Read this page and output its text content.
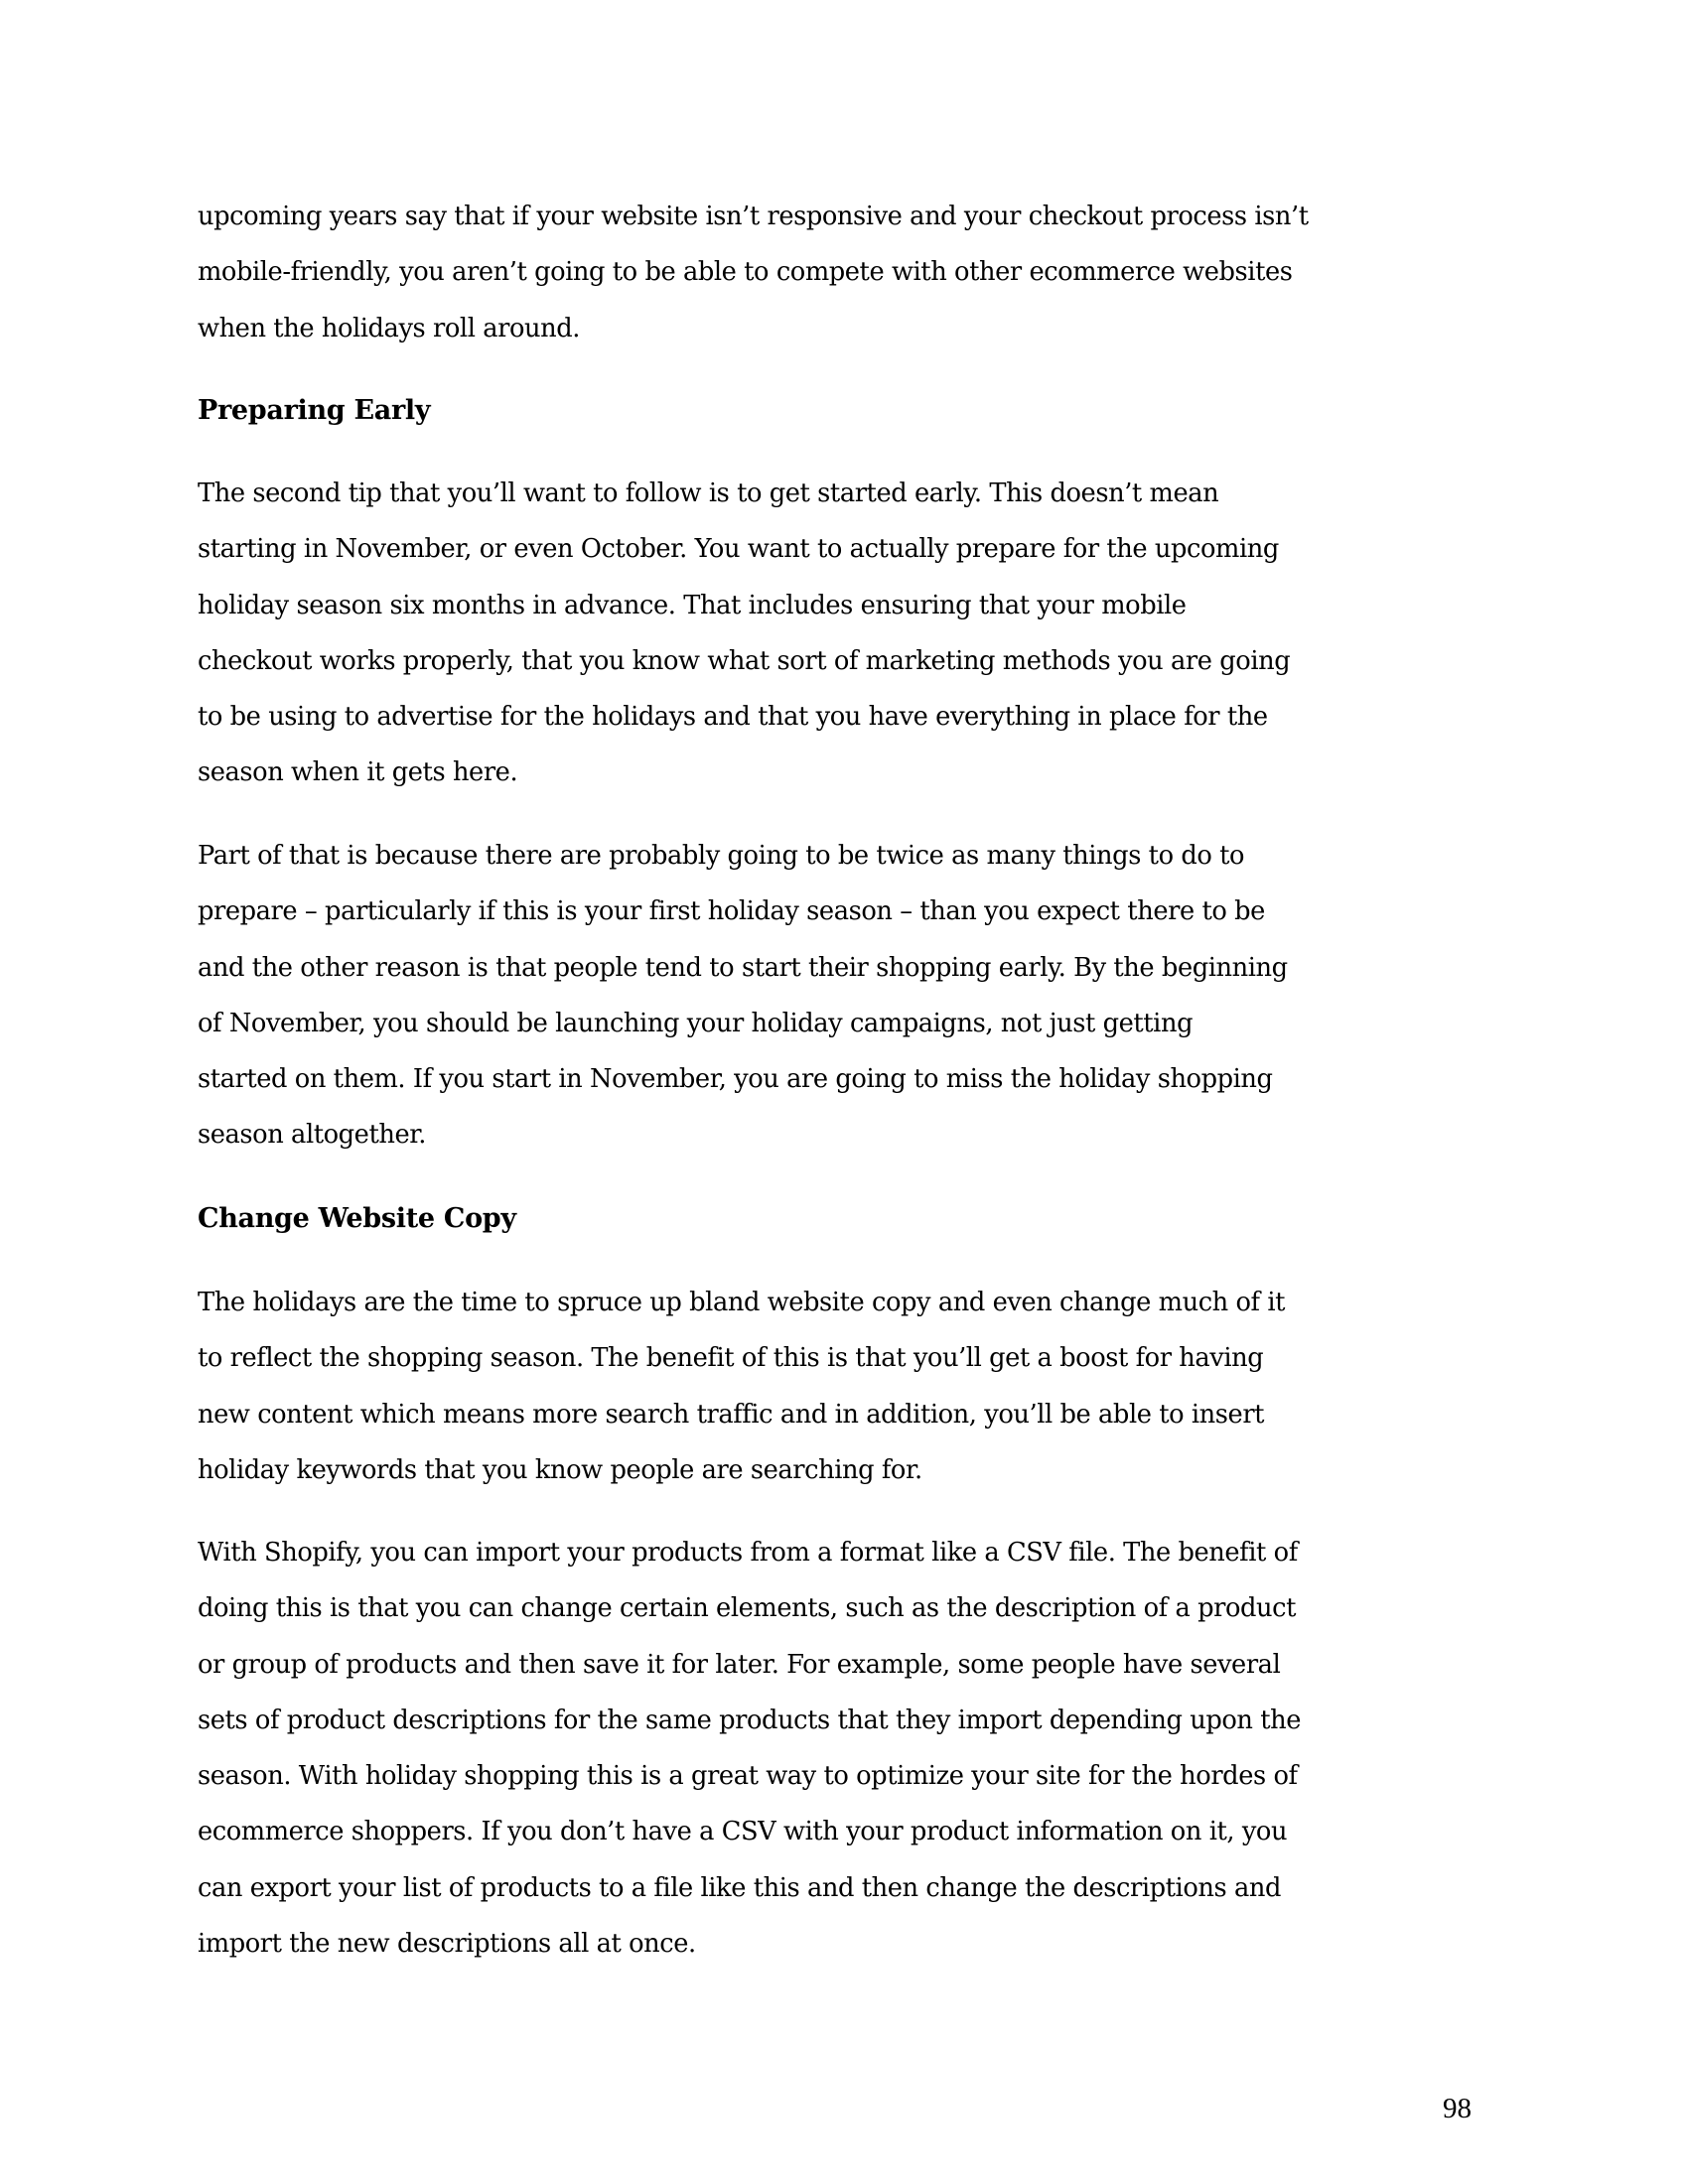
upcoming years say that if your website isn’t responsive and your checkout process isn’t
mobile-friendly, you aren’t going to be able to compete with other ecommerce websites
when the holidays roll around.
Preparing Early
The second tip that you’ll want to follow is to get started early. This doesn’t mean
starting in November, or even October. You want to actually prepare for the upcoming
holiday season six months in advance. That includes ensuring that your mobile
checkout works properly, that you know what sort of marketing methods you are going
to be using to advertise for the holidays and that you have everything in place for the
season when it gets here.
Part of that is because there are probably going to be twice as many things to do to
prepare – particularly if this is your first holiday season – than you expect there to be
and the other reason is that people tend to start their shopping early. By the beginning
of November, you should be launching your holiday campaigns, not just getting
started on them. If you start in November, you are going to miss the holiday shopping
season altogether.
Change Website Copy
The holidays are the time to spruce up bland website copy and even change much of it
to reflect the shopping season. The benefit of this is that you’ll get a boost for having
new content which means more search traffic and in addition, you’ll be able to insert
holiday keywords that you know people are searching for.
With Shopify, you can import your products from a format like a CSV file. The benefit of
doing this is that you can change certain elements, such as the description of a product
or group of products and then save it for later. For example, some people have several
sets of product descriptions for the same products that they import depending upon the
season. With holiday shopping this is a great way to optimize your site for the hordes of
ecommerce shoppers. If you don’t have a CSV with your product information on it, you
can export your list of products to a file like this and then change the descriptions and
import the new descriptions all at once.
98
